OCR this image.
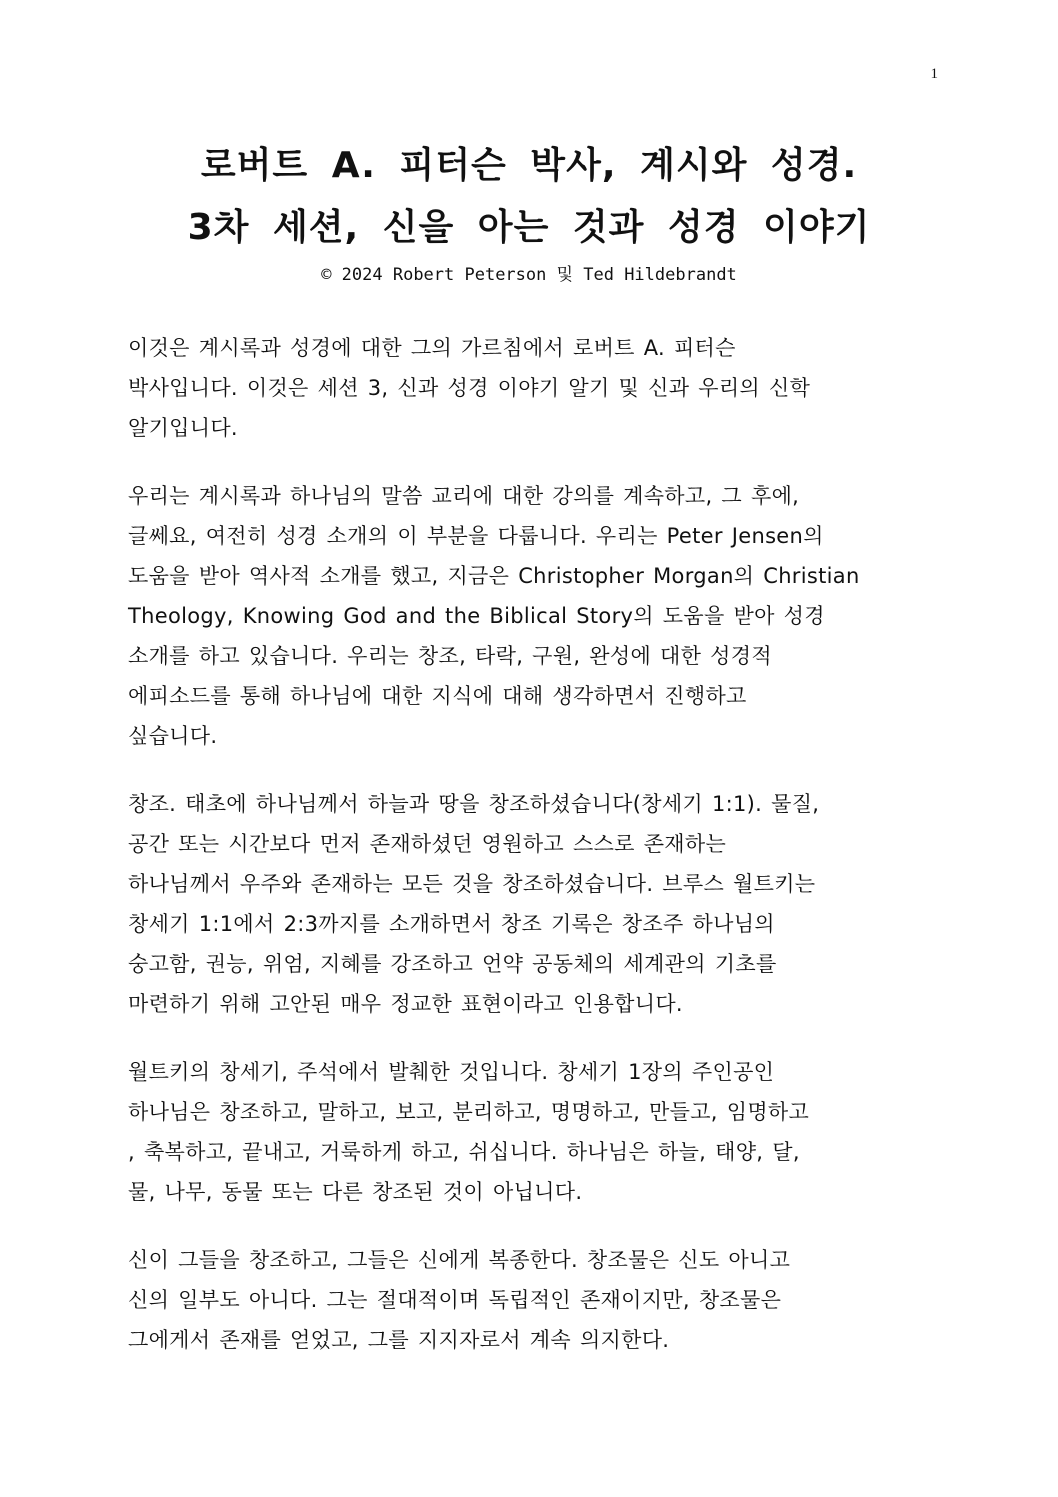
1
로버트 A. 피터슨 박사, 계시와 성경.
3차 세션, 신을 아는 것과 성경 이야기
© 2024 Robert Peterson 및 Ted Hildebrandt
이것은 계시록과 성경에 대한 그의 가르침에서 로버트 A. 피터슨
박사입니다. 이것은 세션 3, 신과 성경 이야기 알기 및 신과 우리의 신학
알기입니다.
우리는 계시록과 하나님의 말씀 교리에 대한 강의를 계속하고, 그 후에,
글쎄요, 여전히 성경 소개의 이 부분을 다룹니다. 우리는 Peter Jensen의
도움을 받아 역사적 소개를 했고, 지금은 Christopher Morgan의 Christian
Theology, Knowing God and the Biblical Story의 도움을 받아 성경
소개를 하고 있습니다. 우리는 창조, 타락, 구원, 완성에 대한 성경적
에피소드를 통해 하나님에 대한 지식에 대해 생각하면서 진행하고
싶습니다.
창조. 태초에 하나님께서 하늘과 땅을 창조하셨습니다(창세기 1:1). 물질,
공간 또는 시간보다 먼저 존재하셨던 영원하고 스스로 존재하는
하나님께서 우주와 존재하는 모든 것을 창조하셨습니다. 브루스 월트키는
창세기 1:1에서 2:3까지를 소개하면서 창조 기록은 창조주 하나님의
숭고함, 권능, 위엄, 지혜를 강조하고 언약 공동체의 세계관의 기초를
마련하기 위해 고안된 매우 정교한 표현이라고 인용합니다.
월트키의 창세기, 주석에서 발췌한 것입니다. 창세기 1장의 주인공인
하나님은 창조하고, 말하고, 보고, 분리하고, 명명하고, 만들고, 임명하고
, 축복하고, 끝내고, 거룩하게 하고, 쉬십니다. 하나님은 하늘, 태양, 달,
물, 나무, 동물 또는 다른 창조된 것이 아닙니다.
신이 그들을 창조하고, 그들은 신에게 복종한다. 창조물은 신도 아니고
신의 일부도 아니다. 그는 절대적이며 독립적인 존재이지만, 창조물은
그에게서 존재를 얻었고, 그를 지지자로서 계속 의지한다.
